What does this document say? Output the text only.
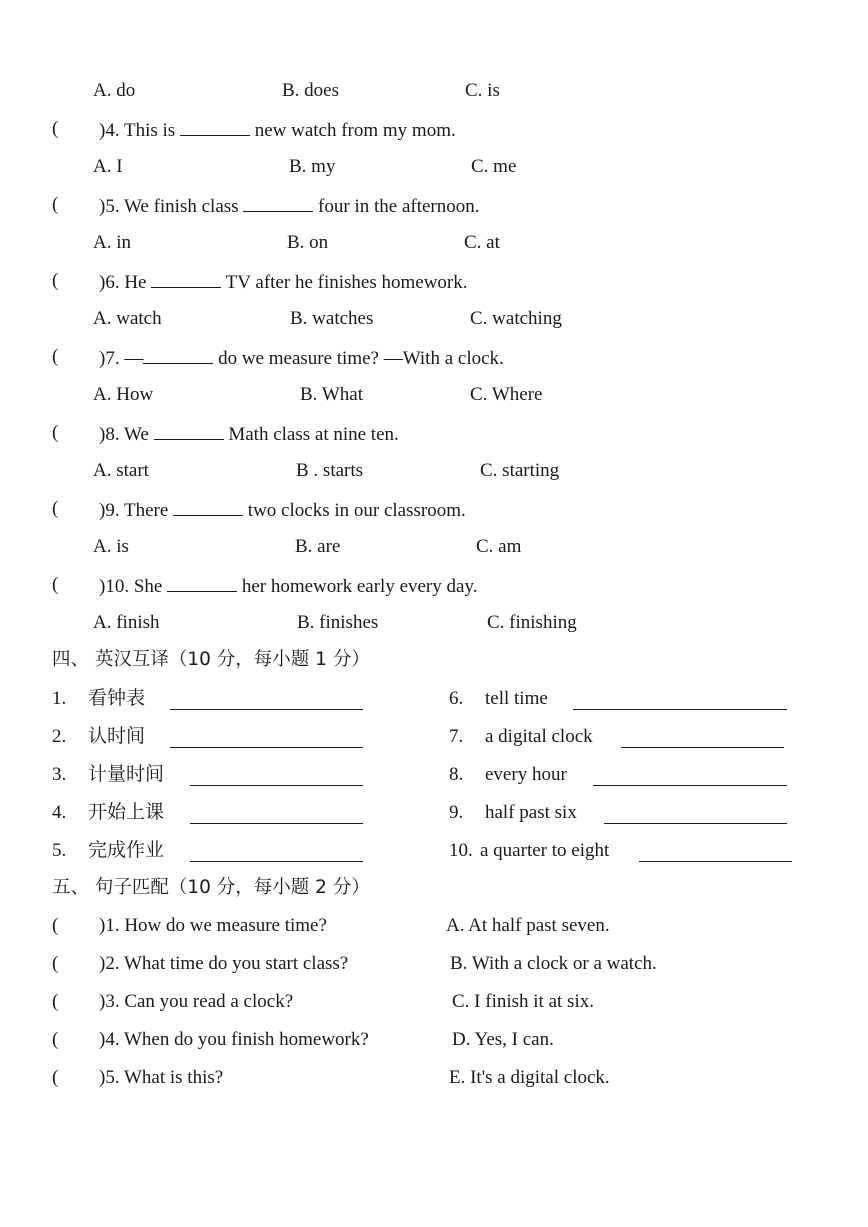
A. do	B. does	C. is
( )4. This is	new watch from my mom.
A. I	B. my	C. me
( )5. We finish class	four in the afternoon.
A. in	B. on	C. at
( )6. He	TV after he finishes homework.
A. watch	B. watches	C. watching
( )7. —	do we measure time? —With a clock.
A. How	B. What	C. Where
( )8. We	Math class at nine ten.
A. start	B . starts	C. starting
( )9. There	two clocks in our classroom.
A. is	B. are	C. am
( )10. She	her homework early every day.
A. finish	B. finishes	C. finishing
四、 英汉互译（10 分，每小题 1 分）
1. 看钟表
2. 认时间
3. 计量时间
4. 开始上课
5. 完成作业
6. tell time
7. a digital clock
8. every hour
9. half past six
10. a quarter to eight
五、 句子匹配（10 分，每小题 2 分）
( )1. How do we measure time?
( )2. What time do you start class?
( )3. Can you read a clock?
( )4. When do you finish homework?
( )5. What is this?
A. At half past seven.
B. With a clock or a watch.
C. I finish it at six.
D. Yes, I can.
E. It's a digital clock.
